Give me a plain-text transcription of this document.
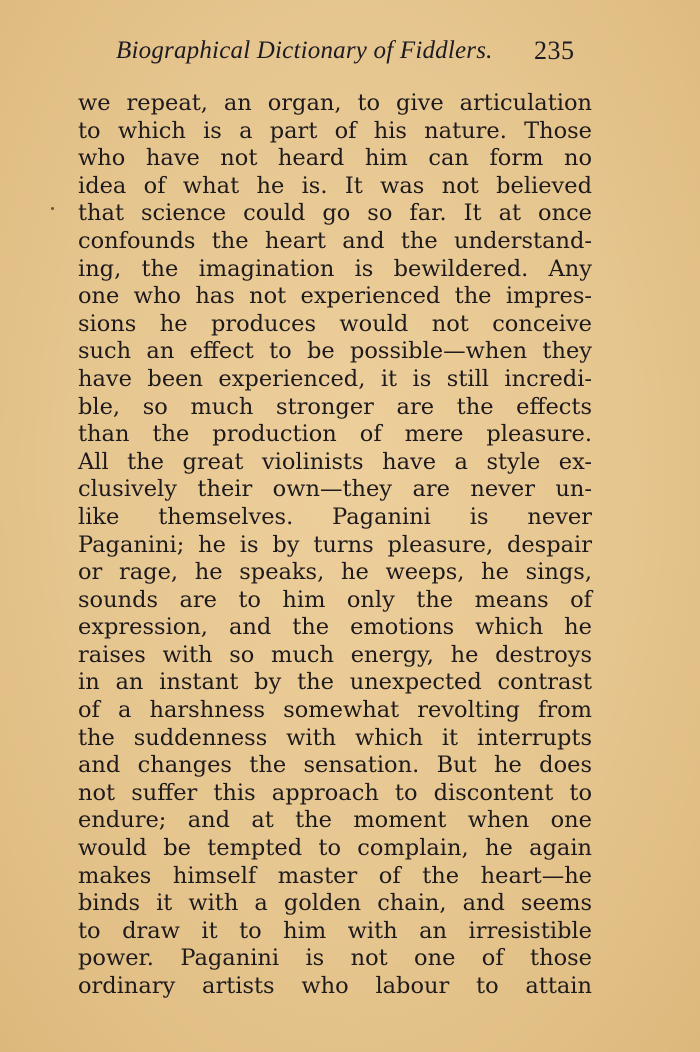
Biographical Dictionary of Fiddlers. 235
we repeat, an organ, to give articulation
to which is a part of his nature. Those
who have not heard him can form no
idea of what he is. It was not believed
that science could go so far. It at once
confounds the heart and the understand-
ing, the imagination is bewildered. Any
one who has not experienced the impres-
sions he produces would not conceive
such an effect to be possible—when they
have been experienced, it is still incredi-
ble, so much stronger are the effects
than the production of mere pleasure.
All the great violinists have a style ex-
clusively their own—they are never un-
like themselves. Paganini is never
Paganini; he is by turns pleasure, despair
or rage, he speaks, he weeps, he sings,
sounds are to him only the means of
expression, and the emotions which he
raises with so much energy, he destroys
in an instant by the unexpected contrast
of a harshness somewhat revolting from
the suddenness with which it interrupts
and changes the sensation. But he does
not suffer this approach to discontent to
endure; and at the moment when one
would be tempted to complain, he again
makes himself master of the heart—he
binds it with a golden chain, and seems
to draw it to him with an irresistible
power. Paganini is not one of those
ordinary artists who labour to attain
